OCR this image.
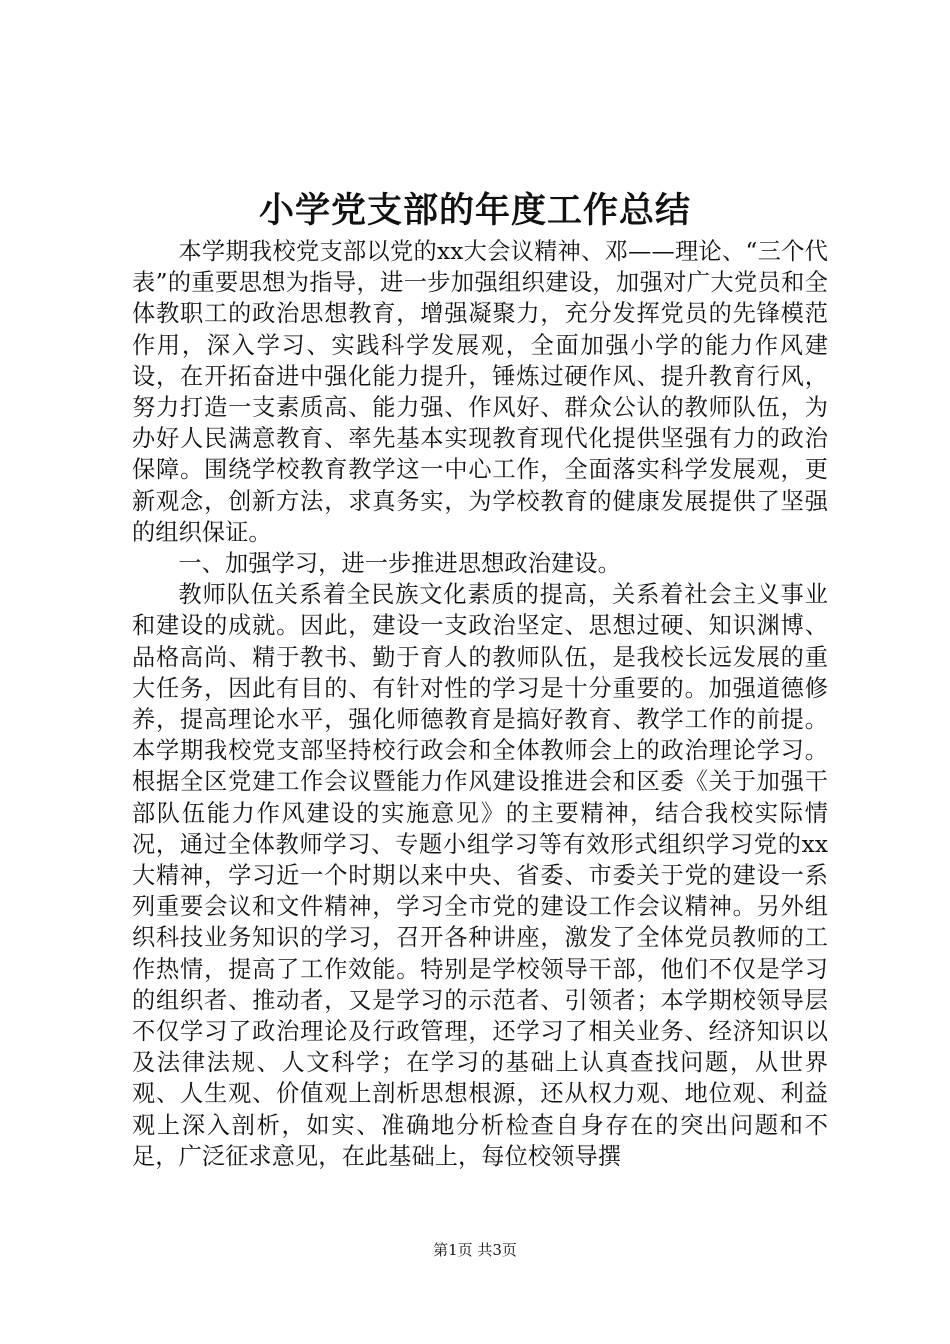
小学党支部的年度工作总结

本学期我校党支部以党的xx大会议精神、邓——理论、“三个代表”的重要思想为指导，进一步加强组织建设，加强对广大党员和全体教职工的政治思想教育，增强凝聚力，充分发挥党员的先锋模范作用，深入学习、实践科学发展观，全面加强小学的能力作风建设，在开拓奋进中强化能力提升，锤炼过硬作风、提升教育行风，努力打造一支素质高、能力强、作风好、群众公认的教师队伍，为办好人民满意教育、率先基本实现教育现代化提供坚强有力的政治保障。围绕学校教育教学这一中心工作，全面落实科学发展观，更新观念，创新方法，求真务实，为学校教育的健康发展提供了坚强的组织保证。

一、加强学习，进一步推进思想政治建设。

教师队伍关系着全民族文化素质的提高，关系着社会主义事业和建设的成就。因此，建设一支政治坚定、思想过硬、知识渊博、品格高尚、精于教书、勤于育人的教师队伍，是我校长远发展的重大任务，因此有目的、有针对性的学习是十分重要的。加强道德修养，提高理论水平，强化师德教育是搞好教育、教学工作的前提。本学期我校党支部坚持校行政会和全体教师会上的政治理论学习。根据全区党建工作会议暨能力作风建设推进会和区委《关于加强干部队伍能力作风建设的实施意见》的主要精神，结合我校实际情况，通过全体教师学习、专题小组学习等有效形式组织学习党的xx大精神，学习近一个时期以来中央、省委、市委关于党的建设一系列重要会议和文件精神，学习全市党的建设工作会议精神。另外组织科技业务知识的学习，召开各种讲座，激发了全体党员教师的工作热情，提高了工作效能。特别是学校领导干部，他们不仅是学习的组织者、推动者，又是学习的示范者、引领者；本学期校领导层不仅学习了政治理论及行政管理，还学习了相关业务、经济知识以及法律法规、人文科学；在学习的基础上认真查找问题，从世界观、人生观、价值观上剖析思想根源，还从权力观、地位观、利益观上深入剖析，如实、准确地分析检查自身存在的突出问题和不足，广泛征求意见，在此基础上，每位校领导撰

第1页 共3页
